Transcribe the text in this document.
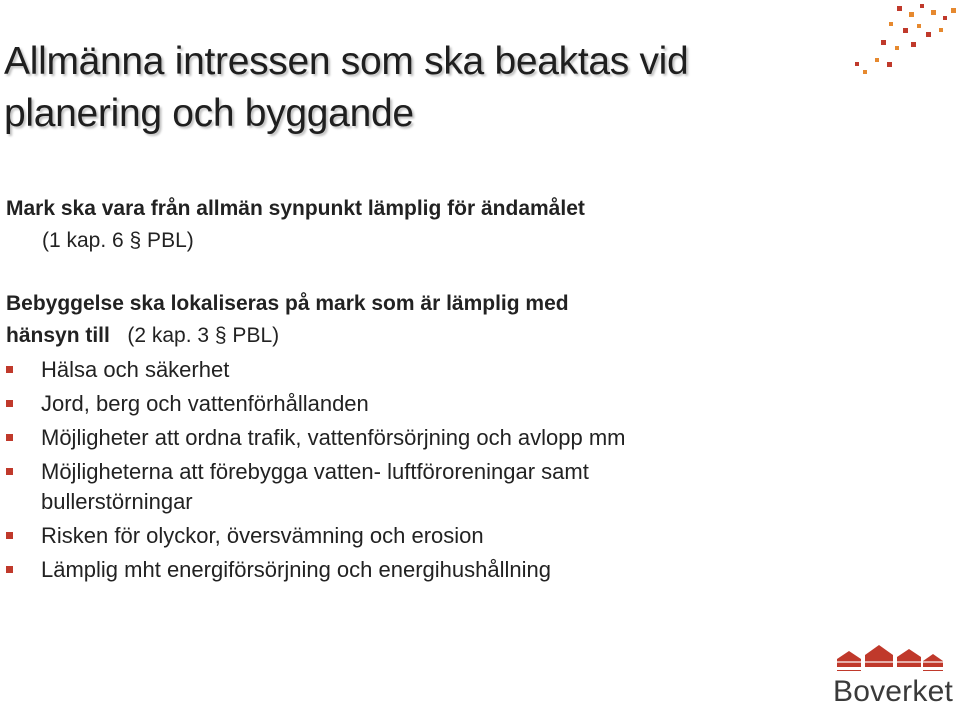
Allmänna intressen som ska beaktas vid
planering och byggande
Mark ska vara från allmän synpunkt lämplig för ändamålet
(1 kap. 6 § PBL)
Bebyggelse ska lokaliseras på mark som är lämplig med
hänsyn till (2 kap. 3 § PBL)
Hälsa och säkerhet
Jord, berg och vattenförhållanden
Möjligheter att ordna trafik, vattenförsörjning och avlopp mm
Möjligheterna att förebygga vatten- luftföroreningar samt bullerstörningar
Risken för olyckor, översvämning och erosion
Lämplig mht energiförsörjning och energihushållning

Boverket
